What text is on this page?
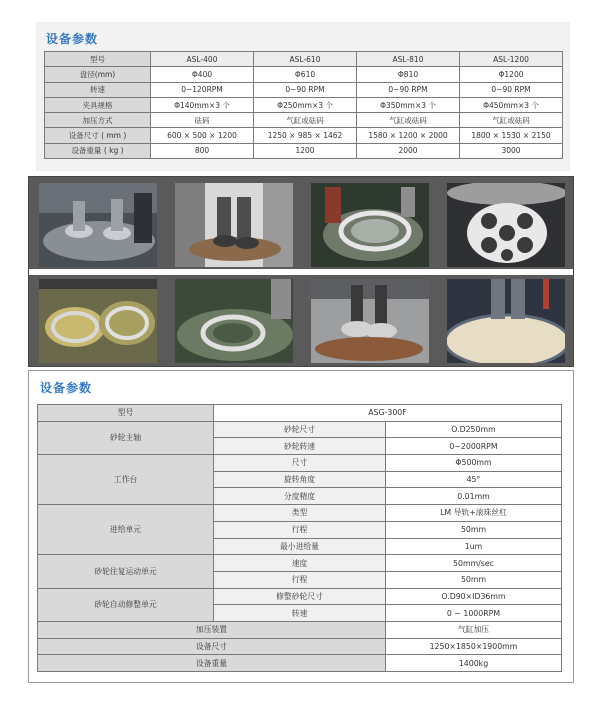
设备参数
型号	ASL-400	ASL-610	ASL-810	ASL-1200
盘径(mm)	Φ400	Φ610	Φ810	Φ1200
转速	0~120RPM	0~90 RPM	0~90 RPM	0~90 RPM
夹具规格	Φ140mm×3 个	Φ250mm×3 个	Φ350mm×3 个	Φ450mm×3 个
加压方式	砝码	气缸或砝码	气缸或砝码	气缸或砝码
设备尺寸 ( mm )	600 × 500 × 1200	1250 × 985 × 1462	1580 × 1200 × 2000	1800 × 1530 × 2150
设备重量 ( kg )	800	1200	2000	3000
设备参数
型号	ASG-300F	
砂轮主轴	砂轮尺寸	O.D250mm
	砂轮转速	0~2000RPM
工作台	尺寸	Φ500mm
	旋转角度	45°
	分度精度	0.01mm
进给单元	类型	LM 导轨+滚珠丝杠
	行程	50mm
	最小进给量	1um
砂轮往复运动单元	速度	50mm/sec
	行程	50mm
砂轮自动修整单元	修整砂轮尺寸	O.D90×ID36mm
	转速	0 ~ 1000RPM
加压装置		气缸加压
设备尺寸		1250×1850×1900mm
设备重量		1400kg
